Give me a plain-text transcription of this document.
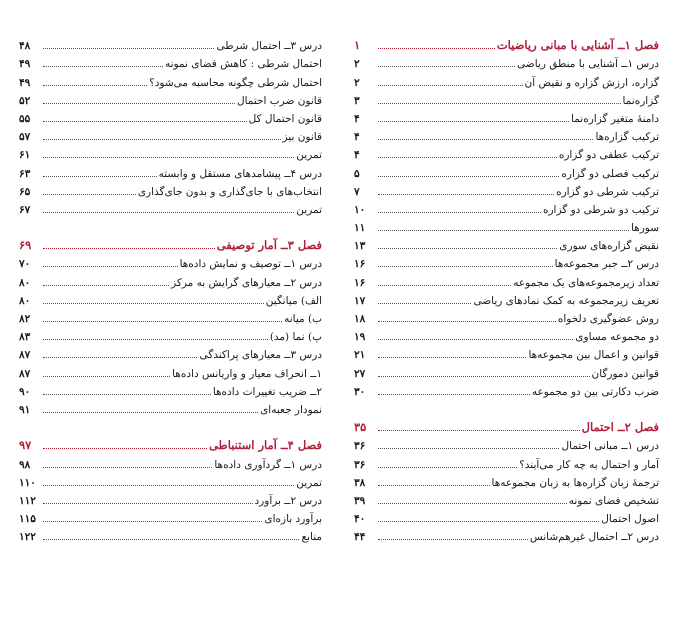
فصل ۱ــ آشنایی با مبانی ریاضیات
۱
درس ۱ــ آشنایی با منطق ریاضی
۲
گزاره، ارزش گزاره و نقیض آن
۲
گزاره‌نما
۳
دامنهٔ متغیر گزاره‌نما
۴
ترکیب گزاره‌ها
۴
ترکیب عطفی دو گزاره
۴
ترکیب فصلی دو گزاره
۵
ترکیب شرطی دو گزاره
۷
ترکیب دو شرطی دو گزاره
۱۰
سورها
۱۱
نقیض گزاره‌های سوری
۱۳
درس ۲ــ جبر مجموعه‌ها
۱۶
تعداد زیرمجموعه‌های یک مجموعه
۱۶
تعریف زیرمجموعه به کمک نمادهای ریاضی
۱۷
روش عضوگیری دلخواه
۱۸
دو مجموعه مساوی
۱۹
قوانین و اعمال بین مجموعه‌ها
۲۱
قوانین دمورگان
۲۷
ضرب دکارتی بین دو مجموعه
۳۰
فصل ۲ــ احتمال
۳۵
درس ۱ــ مبانی احتمال
۳۶
آمار و احتمال به چه کار می‌آیند؟
۳۶
ترجمهٔ زبان گزاره‌ها به زبان مجموعه‌ها
۳۸
تشخیص فضای نمونه
۳۹
اصول احتمال
۴۰
درس ۲ــ احتمال غیرهم‌شانس
۴۴
درس ۳ــ احتمال شرطی
۴۸
احتمال شرطی : کاهش فضای نمونه
۴۹
احتمال شرطی چگونه محاسبه می‌شود؟
۴۹
قانون ضرب احتمال
۵۲
قانون احتمال کل
۵۵
قانون بیز
۵۷
تمرین
۶۱
درس ۴ــ پیشامدهای مستقل و وابسته
۶۳
انتخاب‌های با جای‌گذاری و بدون جای‌گذاری
۶۵
تمرین
۶۷
فصل ۳ــ آمار توصیفی
۶۹
درس ۱ــ توصیف و نمایش داده‌ها
۷۰
درس ۲ــ معیارهای گرایش به مرکز
۸۰
الف) میانگین
۸۰
ب) میانه
۸۲
پ) نما (مد)
۸۳
درس ۳ــ معیارهای پراکندگی
۸۷
۱ــ انحراف معیار و واریانس داده‌ها
۸۷
۲ــ ضریب تغییرات داده‌ها
۹۰
نمودار جعبه‌ای
۹۱
فصل ۴ــ آمار استنباطی
۹۷
درس ۱ــ گردآوری داده‌ها
۹۸
تمرین
۱۱۰
درس ۲ــ برآورد
۱۱۲
برآورد بازه‌ای
۱۱۵
منابع
۱۲۲
